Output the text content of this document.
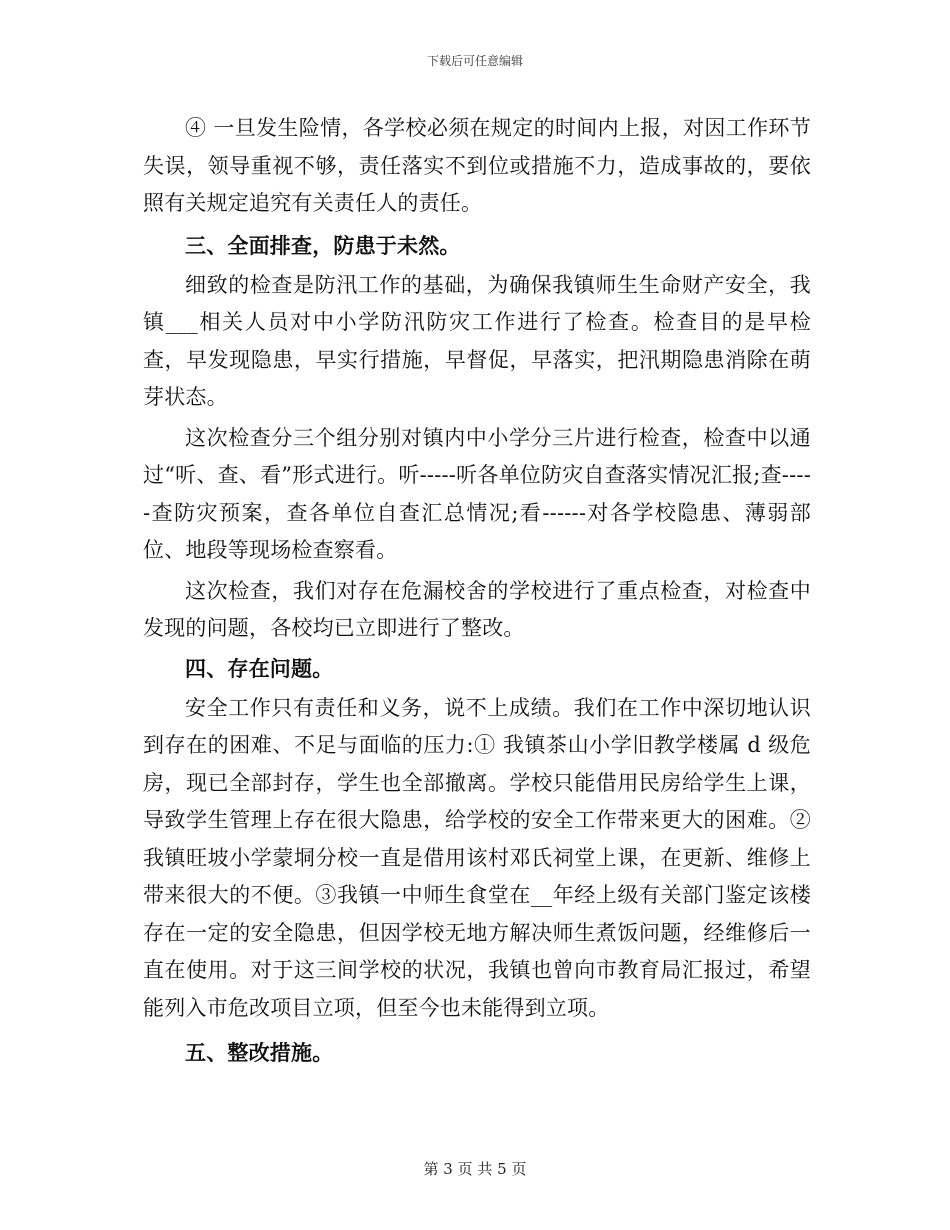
下载后可任意编辑

④ 一旦发生险情，各学校必须在规定的时间内上报，对因工作环节失误，领导重视不够，责任落实不到位或措施不力，造成事故的，要依照有关规定追究有关责任人的责任。

三、全面排查，防患于未然。

细致的检查是防汛工作的基础，为确保我镇师生生命财产安全，我镇___相关人员对中小学防汛防灾工作进行了检查。检查目的是早检查，早发现隐患，早实行措施，早督促，早落实，把汛期隐患消除在萌芽状态。

这次检查分三个组分别对镇内中小学分三片进行检查，检查中以通过“听、查、看”形式进行。听-----听各单位防灾自查落实情况汇报;查-----查防灾预案，查各单位自查汇总情况;看------对各学校隐患、薄弱部位、地段等现场检查察看。

这次检查，我们对存在危漏校舍的学校进行了重点检查，对检查中发现的问题，各校均已立即进行了整改。

四、存在问题。

安全工作只有责任和义务，说不上成绩。我们在工作中深切地认识到存在的困难、不足与面临的压力:① 我镇茶山小学旧教学楼属 d 级危房，现已全部封存，学生也全部撤离。学校只能借用民房给学生上课，导致学生管理上存在很大隐患，给学校的安全工作带来更大的困难。②我镇旺坡小学蒙垌分校一直是借用该村邓氏祠堂上课，在更新、维修上带来很大的不便。③我镇一中师生食堂在__年经上级有关部门鉴定该楼存在一定的安全隐患，但因学校无地方解决师生煮饭问题，经维修后一直在使用。对于这三间学校的状况，我镇也曾向市教育局汇报过，希望能列入市危改项目立项，但至今也未能得到立项。

五、整改措施。

第 3 页 共 5 页
